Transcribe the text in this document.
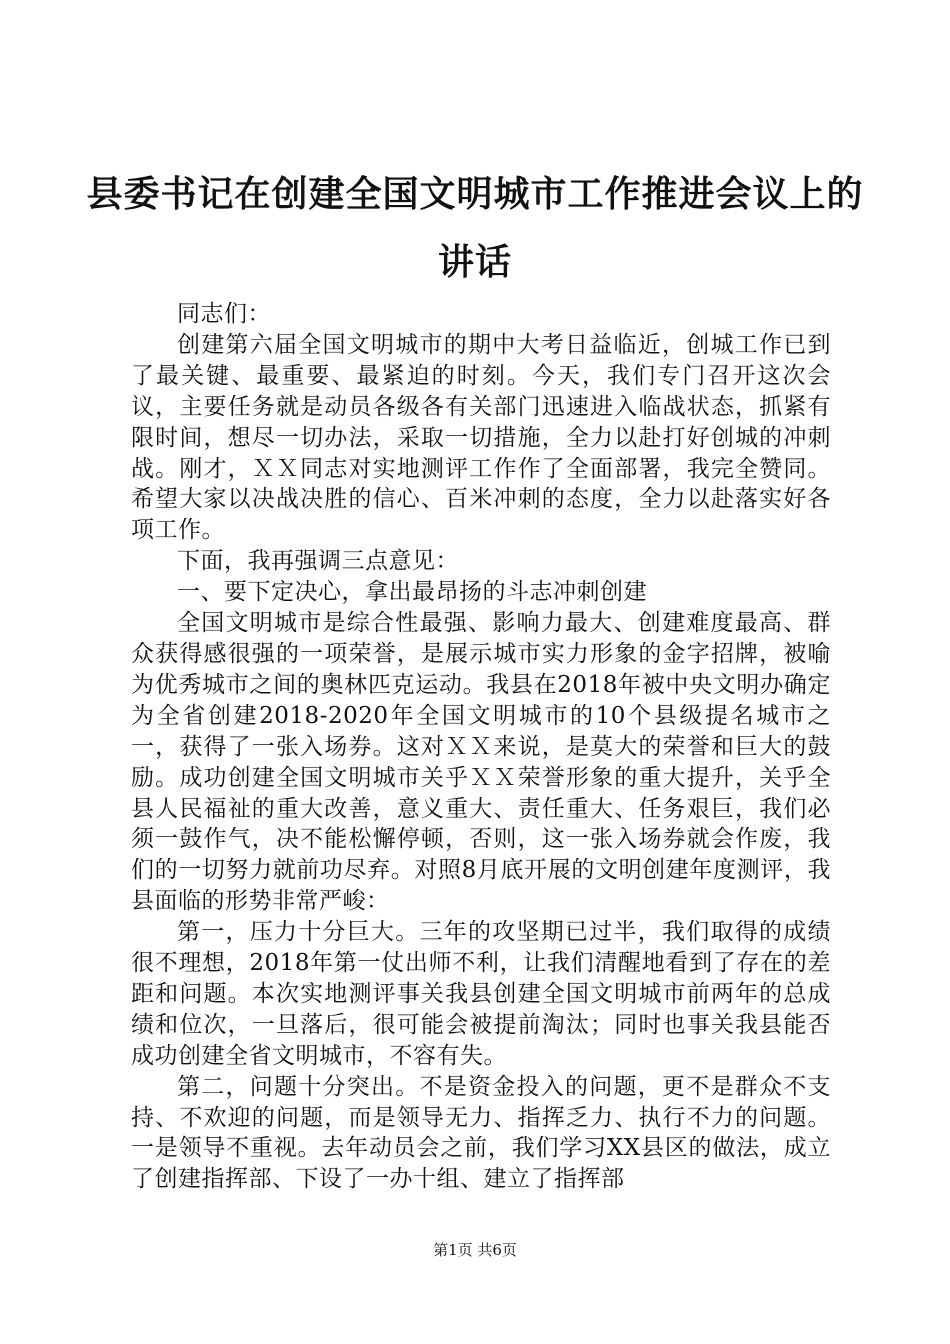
县委书记在创建全国文明城市工作推进会议上的讲话

同志们：

创建第六届全国文明城市的期中大考日益临近，创城工作已到了最关键、最重要、最紧迫的时刻。今天，我们专门召开这次会议，主要任务就是动员各级各有关部门迅速进入临战状态，抓紧有限时间，想尽一切办法，采取一切措施，全力以赴打好创城的冲刺战。刚才，ＸＸ同志对实地测评工作作了全面部署，我完全赞同。希望大家以决战决胜的信心、百米冲刺的态度，全力以赴落实好各项工作。

下面，我再强调三点意见：

一、要下定决心，拿出最昂扬的斗志冲刺创建

全国文明城市是综合性最强、影响力最大、创建难度最高、群众获得感很强的一项荣誉，是展示城市实力形象的金字招牌，被喻为优秀城市之间的奥林匹克运动。我县在2018年被中央文明办确定为全省创建2018-2020年全国文明城市的10个县级提名城市之一，获得了一张入场券。这对ＸＸ来说，是莫大的荣誉和巨大的鼓励。成功创建全国文明城市关乎ＸＸ荣誉形象的重大提升，关乎全县人民福祉的重大改善，意义重大、责任重大、任务艰巨，我们必须一鼓作气，决不能松懈停顿，否则，这一张入场券就会作废，我们的一切努力就前功尽弃。对照8月底开展的文明创建年度测评，我县面临的形势非常严峻：

第一，压力十分巨大。三年的攻坚期已过半，我们取得的成绩很不理想，2018年第一仗出师不利，让我们清醒地看到了存在的差距和问题。本次实地测评事关我县创建全国文明城市前两年的总成绩和位次，一旦落后，很可能会被提前淘汰；同时也事关我县能否成功创建全省文明城市，不容有失。

第二，问题十分突出。不是资金投入的问题，更不是群众不支持、不欢迎的问题，而是领导无力、指挥乏力、执行不力的问题。一是领导不重视。去年动员会之前，我们学习XX县区的做法，成立了创建指挥部、下设了一办十组、建立了指挥部

第1页 共6页
